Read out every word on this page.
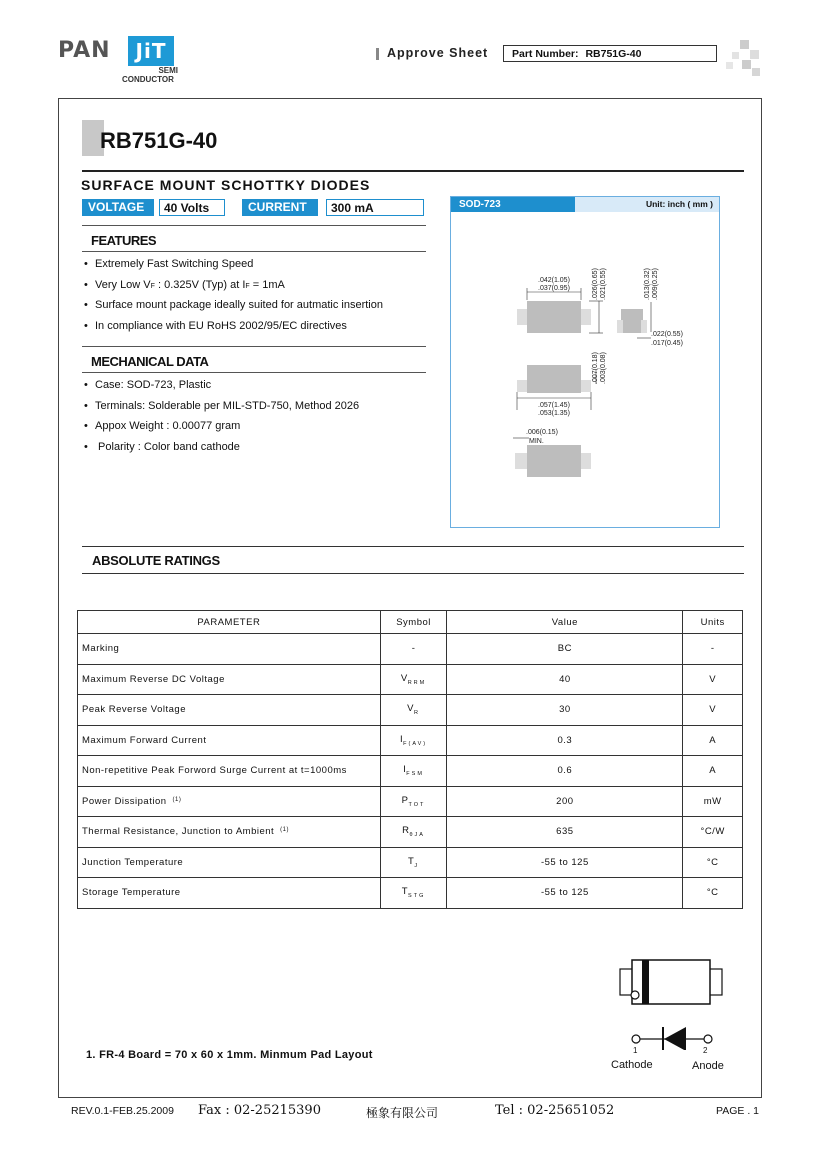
PAN	JiT
SEMI
CONDUCTOR
Approve Sheet	Part Number: RB751G-40
RB751G-40
SURFACE MOUNT SCHOTTKY DIODES
VOLTAGE	40 Volts	CURRENT	300 mA
FEATURES
• Extremely Fast Switching Speed
• Very Low VF : 0.325V (Typ) at IF = 1mA
• Surface mount package ideally suited for autmatic insertion
• In compliance with EU RoHS 2002/95/EC directives
MECHANICAL DATA
• Case: SOD-723, Plastic
• Terminals: Solderable per MIL-STD-750, Method 2026
• Appox Weight : 0.00077 gram
• Polarity : Color band cathode
SOD-723	Unit: inch ( mm )
.042(1.05)
.037(0.95)	.026(0.65) .021(0.55)	.013(0.32) .009(0.25)
.022(0.55)
.017(0.45)
.007(0.18) .003(0.08)
.057(1.45)
.053(1.35)
.006(0.15)
MIN.
ABSOLUTE RATINGS
PARAMETER	Symbol	Value	Units
Marking	-	BC	-
Maximum Reverse DC Voltage	$V_{RRM}$	40	V
Peak Reverse Voltage	$V_R$	30	V
Maximum Forward Current	$I_{F(AV)}$	0.3	A
Non-repetitive Peak Forword Surge Current at t=1000ms	$I_{FSM}$	0.6	A
Power Dissipation $^{(1)}$	$P_{TOT}$	200	mW
Thermal Resistance, Junction to Ambient $^{(1)}$	$R_{\theta JA}$	635	°C/W
Junction Temperature	$T_J$	-55 to 125	°C
Storage Temperature	$T_{STG}$	-55 to 125	°C
1	2
Cathode	Anode
1. FR-4 Board = 70 x 60 x 1mm. Minmum Pad Layout
REV.0.1-FEB.25.2009 Fax : 02-25215390	極象有限公司	Tel : 02-25651052	PAGE . 1
